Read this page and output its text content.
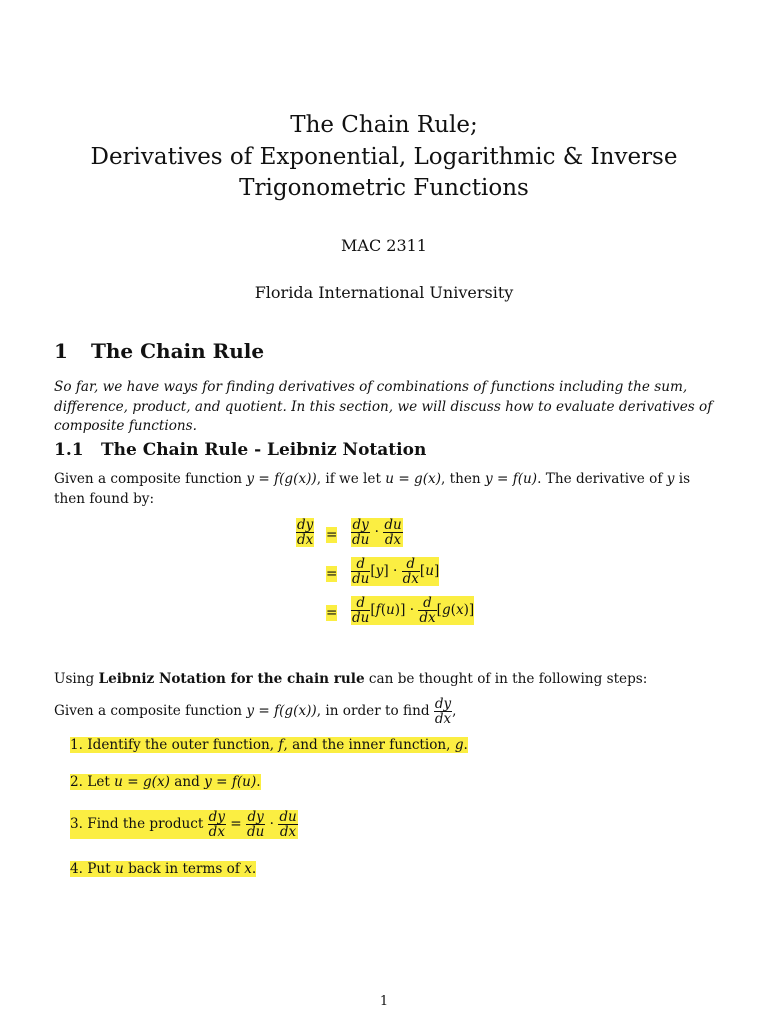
The Chain Rule;
Derivatives of Exponential, Logarithmic & Inverse
Trigonometric Functions
MAC 2311
Florida International University
1 The Chain Rule
So far, we have ways for finding derivatives of combinations of functions including the sum, difference, product, and quotient. In this section, we will discuss how to evaluate derivatives of composite functions.
1.1 The Chain Rule - Leibniz Notation
Given a composite function y = f(g(x)), if we let u = g(x), then y = f(u). The derivative of y is then found by:
$\frac{dy}{dx} = \frac{dy}{du} \cdot \frac{du}{dx}$
= $\frac{d}{du} [y] \cdot \frac{d}{dx} [u]$
= $\frac{d}{du} [f(u)] \cdot \frac{d}{dx} [g(x)]$
Using Leibniz Notation for the chain rule can be thought of in the following steps:
Given a composite function y = f(g(x)), in order to find $\frac{dy}{dx}$ ,
1. Identify the outer function, f, and the inner function, g.
2. Let u = g(x) and y = f(u).
3. Find the product $\frac{dy}{dx} = \frac{dy}{du} \cdot \frac{du}{dx}$
4. Put u back in terms of x.
1
